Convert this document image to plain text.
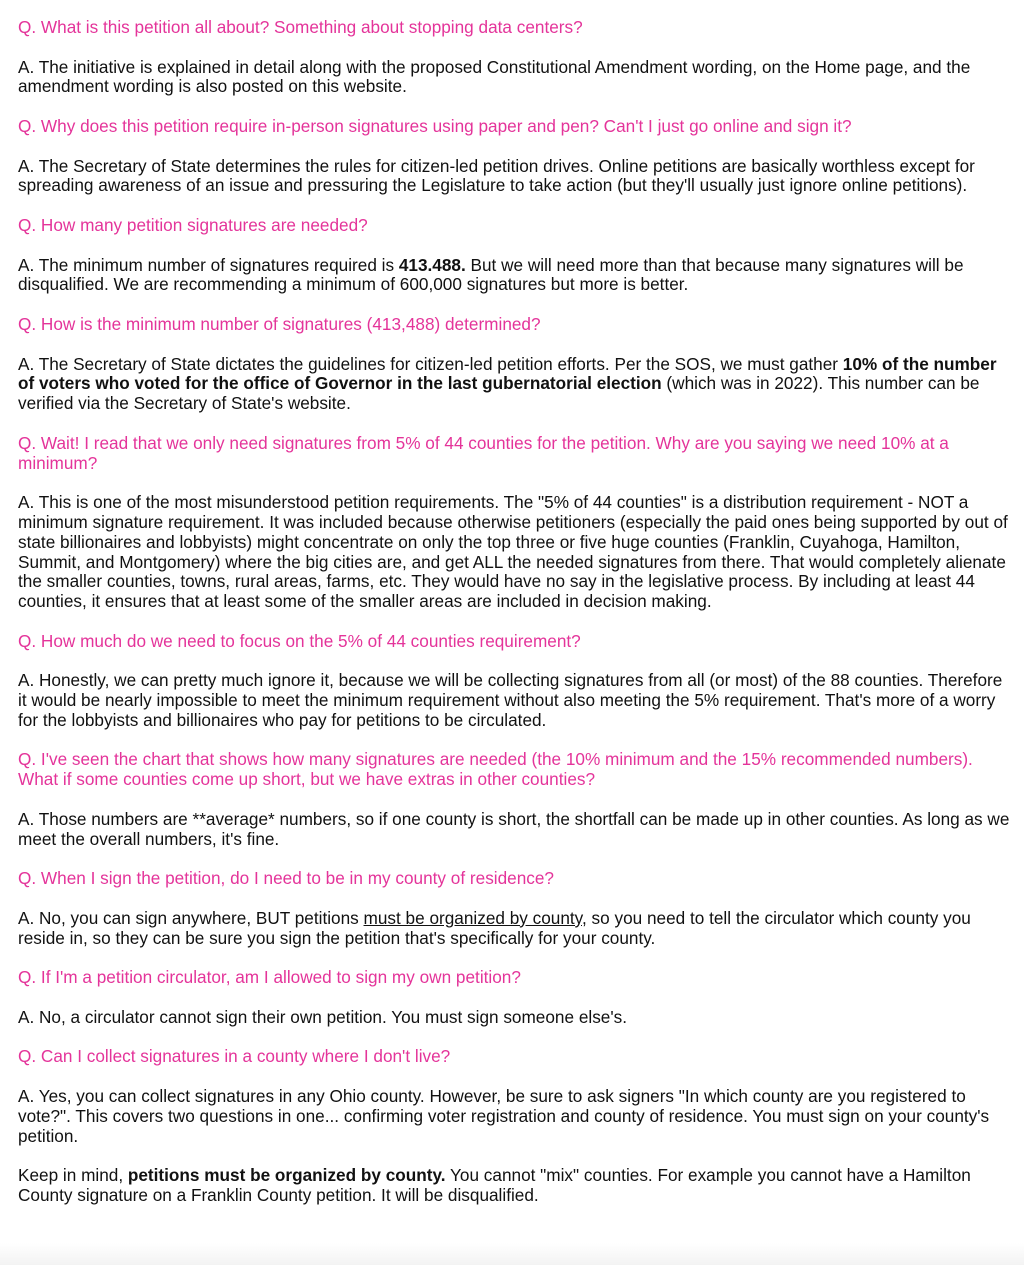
Q. What is this petition all about? Something about stopping data centers?

A. The initiative is explained in detail along with the proposed Constitutional Amendment wording, on the Home page, and the amendment wording is also posted on this website.

Q. Why does this petition require in-person signatures using paper and pen? Can't I just go online and sign it?

A. The Secretary of State determines the rules for citizen-led petition drives. Online petitions are basically worthless except for spreading awareness of an issue and pressuring the Legislature to take action (but they'll usually just ignore online petitions).

Q. How many petition signatures are needed?

A. The minimum number of signatures required is 413.488. But we will need more than that because many signatures will be disqualified. We are recommending a minimum of 600,000 signatures but more is better.

Q. How is the minimum number of signatures (413,488) determined?

A. The Secretary of State dictates the guidelines for citizen-led petition efforts. Per the SOS, we must gather 10% of the number of voters who voted for the office of Governor in the last gubernatorial election (which was in 2022). This number can be verified via the Secretary of State's website.

Q. Wait! I read that we only need signatures from 5% of 44 counties for the petition. Why are you saying we need 10% at a minimum?

A. This is one of the most misunderstood petition requirements. The "5% of 44 counties" is a distribution requirement - NOT a minimum signature requirement. It was included because otherwise petitioners (especially the paid ones being supported by out of state billionaires and lobbyists) might concentrate on only the top three or five huge counties (Franklin, Cuyahoga, Hamilton, Summit, and Montgomery) where the big cities are, and get ALL the needed signatures from there. That would completely alienate the smaller counties, towns, rural areas, farms, etc. They would have no say in the legislative process. By including at least 44 counties, it ensures that at least some of the smaller areas are included in decision making.

Q. How much do we need to focus on the 5% of 44 counties requirement?

A. Honestly, we can pretty much ignore it, because we will be collecting signatures from all (or most) of the 88 counties. Therefore it would be nearly impossible to meet the minimum requirement without also meeting the 5% requirement. That's more of a worry for the lobbyists and billionaires who pay for petitions to be circulated.

Q. I've seen the chart that shows how many signatures are needed (the 10% minimum and the 15% recommended numbers). What if some counties come up short, but we have extras in other counties?

A. Those numbers are **average* numbers, so if one county is short, the shortfall can be made up in other counties. As long as we meet the overall numbers, it's fine.

Q. When I sign the petition, do I need to be in my county of residence?

A. No, you can sign anywhere, BUT petitions must be organized by county, so you need to tell the circulator which county you reside in, so they can be sure you sign the petition that's specifically for your county.

Q. If I'm a petition circulator, am I allowed to sign my own petition?

A. No, a circulator cannot sign their own petition. You must sign someone else's.

Q. Can I collect signatures in a county where I don't live?

A. Yes, you can collect signatures in any Ohio county. However, be sure to ask signers "In which county are you registered to vote?". This covers two questions in one... confirming voter registration and county of residence. You must sign on your county's petition.

Keep in mind, petitions must be organized by county. You cannot "mix" counties. For example you cannot have a Hamilton County signature on a Franklin County petition. It will be disqualified.
